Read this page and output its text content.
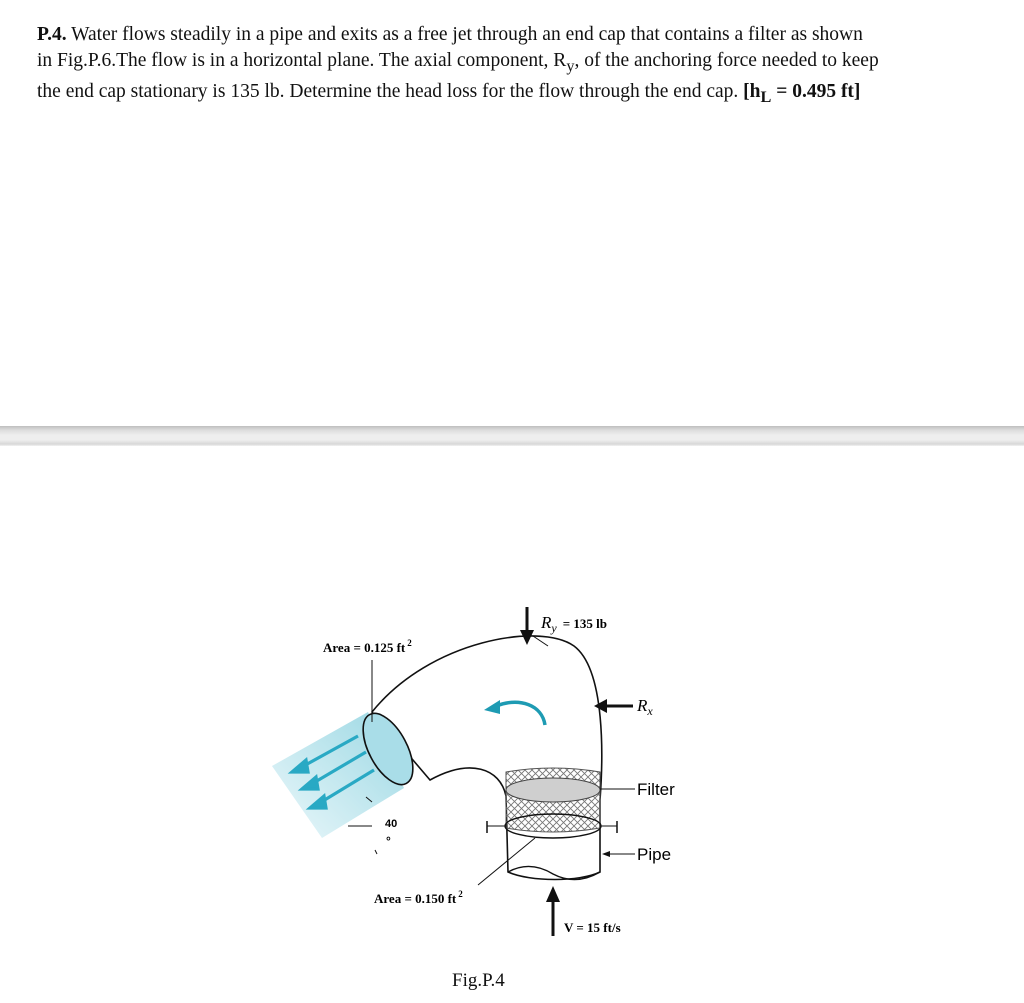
P.4. Water flows steadily in a pipe and exits as a free jet through an end cap that contains a filter as shown
in Fig.P.6.The flow is in a horizontal plane. The axial component, $R_y$, of the anchoring force needed to keep
the end cap stationary is 135 lb. Determine the head loss for the flow through the end cap. [$h_L = 0.495$ ft]

$R_y$ $^{= 135 lb}$
$R_x$
Area = 0.125 ft $^2$
Area = 0.150 ft $^2$
40
°
Filter
Pipe
V = 15 ft/s
Fig.P.4
